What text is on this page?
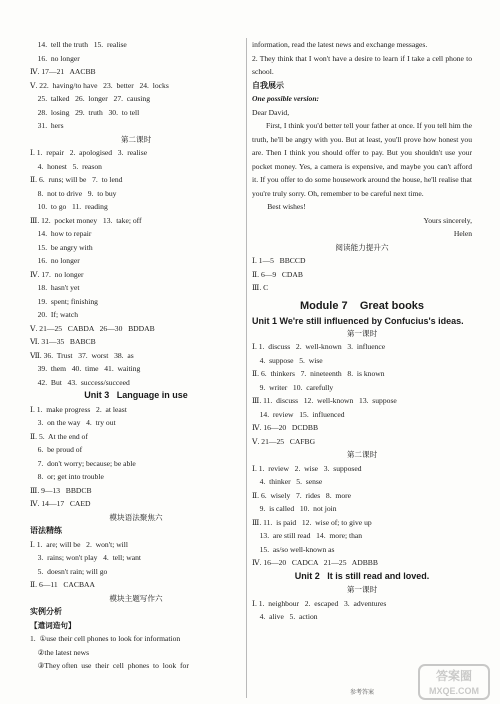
14.  tell the truth   15.  realise
16.  no longer
Ⅳ. 17—21   AACBB
Ⅴ. 22.  having/to have   23.  better   24.  locks
25.  talked   26.  longer   27.  causing
28.  losing   29.  truth   30.  to tell
31.  hers
第二课时
Ⅰ. 1.  repair   2.  apologised   3.  realise
4.  honest   5.  reason
Ⅱ. 6.  runs; will be   7.  to lend
8.  not to drive   9.  to buy
10.  to go   11.  reading
Ⅲ. 12.  pocket money   13.  take; off
14.  how to repair
15.  be angry with
16.  no longer
Ⅳ. 17.  no longer
18.  hasn't yet
19.  spent; finishing
20.  If; watch
Ⅴ. 21—25   CABDA   26—30   BDDAB
Ⅵ. 31—35   BABCB
Ⅶ. 36.  Trust   37.  worst   38.  as
39.  them   40.  time   41.  waiting
42.  But   43.  success/succeed
Unit 3   Language in use
Ⅰ. 1.  make progress   2.  at least
3.  on the way   4.  try out
Ⅱ. 5.  At the end of
6.  be proud of
7.  don't worry; because; be able
8.  or; get into trouble
Ⅲ. 9—13   BBDCB
Ⅳ. 14—17   CAED
模块语法聚焦六
语法精练
Ⅰ. 1.  are; will be   2.  won't; will
3.  rains; won't play   4.  tell; want
5.  doesn't rain; will go
Ⅱ. 6—11   CACBAA
模块主题写作六
实例分析
【遣词造句】
1.  ①use their cell phones to look for information
②the latest news
③They often  use  their  cell  phones  to  look  for
information, read the latest news and exchange messages.
2. They think that I won't have a desire to learn if I take a cell phone to school.
自我展示
One possible version:
Dear David,
First, I think you'd better tell your father at once. If you tell him the truth, he'll be angry with you. But at least, you'll prove how honest you are. Then I think you should offer to pay. But you shouldn't use your pocket money. Yes, a camera is expensive, and maybe you can't afford it. If you offer to do some housework around the house, he'll realise that you're truly sorry. Oh, remember to be careful next time.
Best wishes!
Yours sincerely,
Helen
阅读能力提升六
Ⅰ. 1—5   BBCCD
Ⅱ. 6—9   CDAB
Ⅲ. C
Module 7    Great books
Unit 1 We're still influenced by Confucius's ideas.
第一课时
Ⅰ. 1.  discuss   2.  well-known   3.  influence
4.  suppose   5.  wise
Ⅱ. 6.  thinkers   7.  nineteenth   8.  is known
9.  writer   10.  carefully
Ⅲ. 11.  discuss   12.  well-known   13.  suppose
14.  review   15.  influenced
Ⅳ. 16—20   DCDBB
Ⅴ. 21—25   CAFBG
第二课时
Ⅰ. 1.  review   2.  wise   3.  supposed
4.  thinker   5.  sense
Ⅱ. 6.  wisely   7.  rides   8.  more
9.  is called   10.  not join
Ⅲ. 11.  is paid   12.  wise of; to give up
13.  are still read   14.  more; than
15.  as/so well-known as
Ⅳ. 16—20   CADCA   21—25   ADBBB
Unit 2   It is still read and loved.
第一课时
Ⅰ. 1.  neighbour   2.  escaped   3.  adventures
4.  alive   5.  action
参考答案
答案圈
MXQE.COM
